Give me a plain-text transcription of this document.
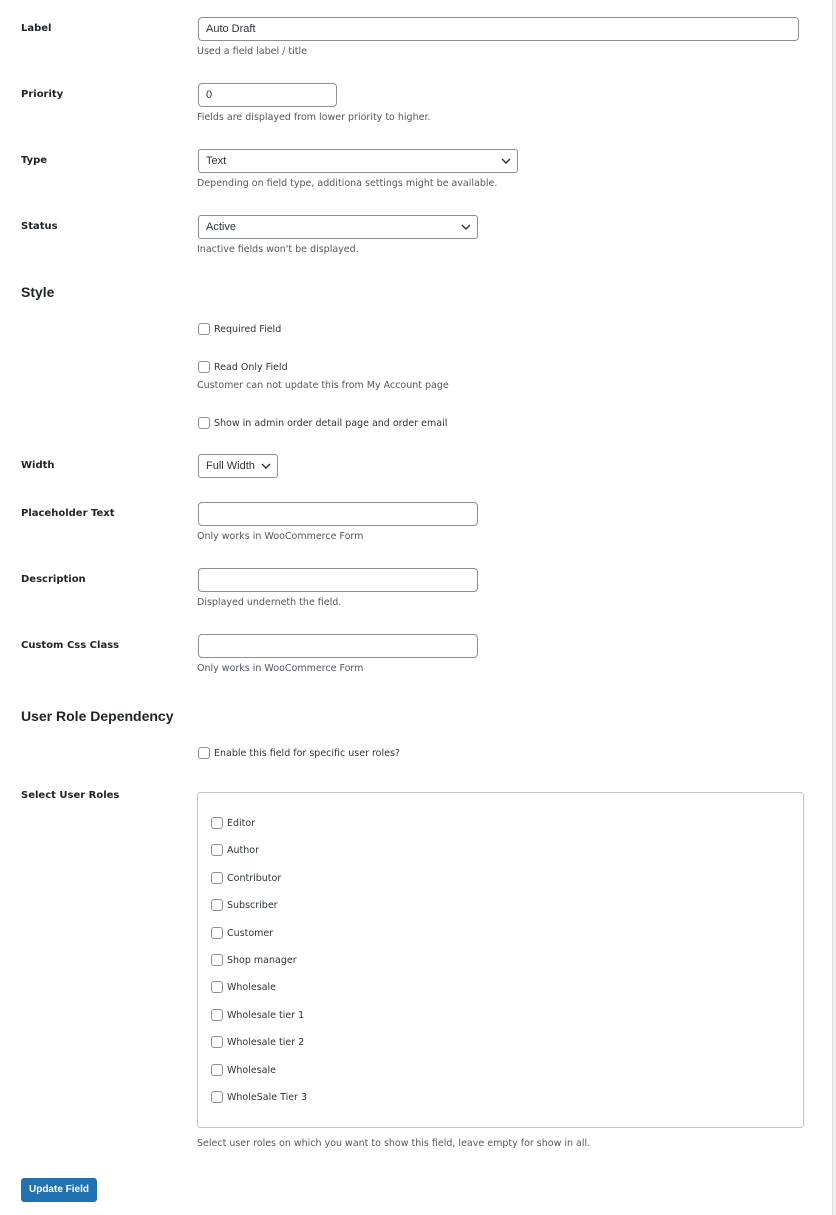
Label	Auto Draft
Used a field label / title
Priority	0
Fields are displayed from lower priority to higher.
Type	Text
Depending on field type, additiona settings might be available.
Status	Active
Inactive fields won't be displayed.
Style
Required Field
Read Only Field
Customer can not update this from My Account page
Show in admin order detail page and order email
Width	Full Width
Placeholder Text
Only works in WooCommerce Form
Description
Displayed underneth the field.
Custom Css Class
Only works in WooCommerce Form
User Role Dependency
Enable this field for specific user roles?
Select User Roles
Editor
Author
Contributor
Subscriber
Customer
Shop manager
Wholesale
Wholesale tier 1
Wholesale tier 2
Wholesale
WholeSale Tier 3
Select user roles on which you want to show this field, leave empty for show in all.
Update Field
